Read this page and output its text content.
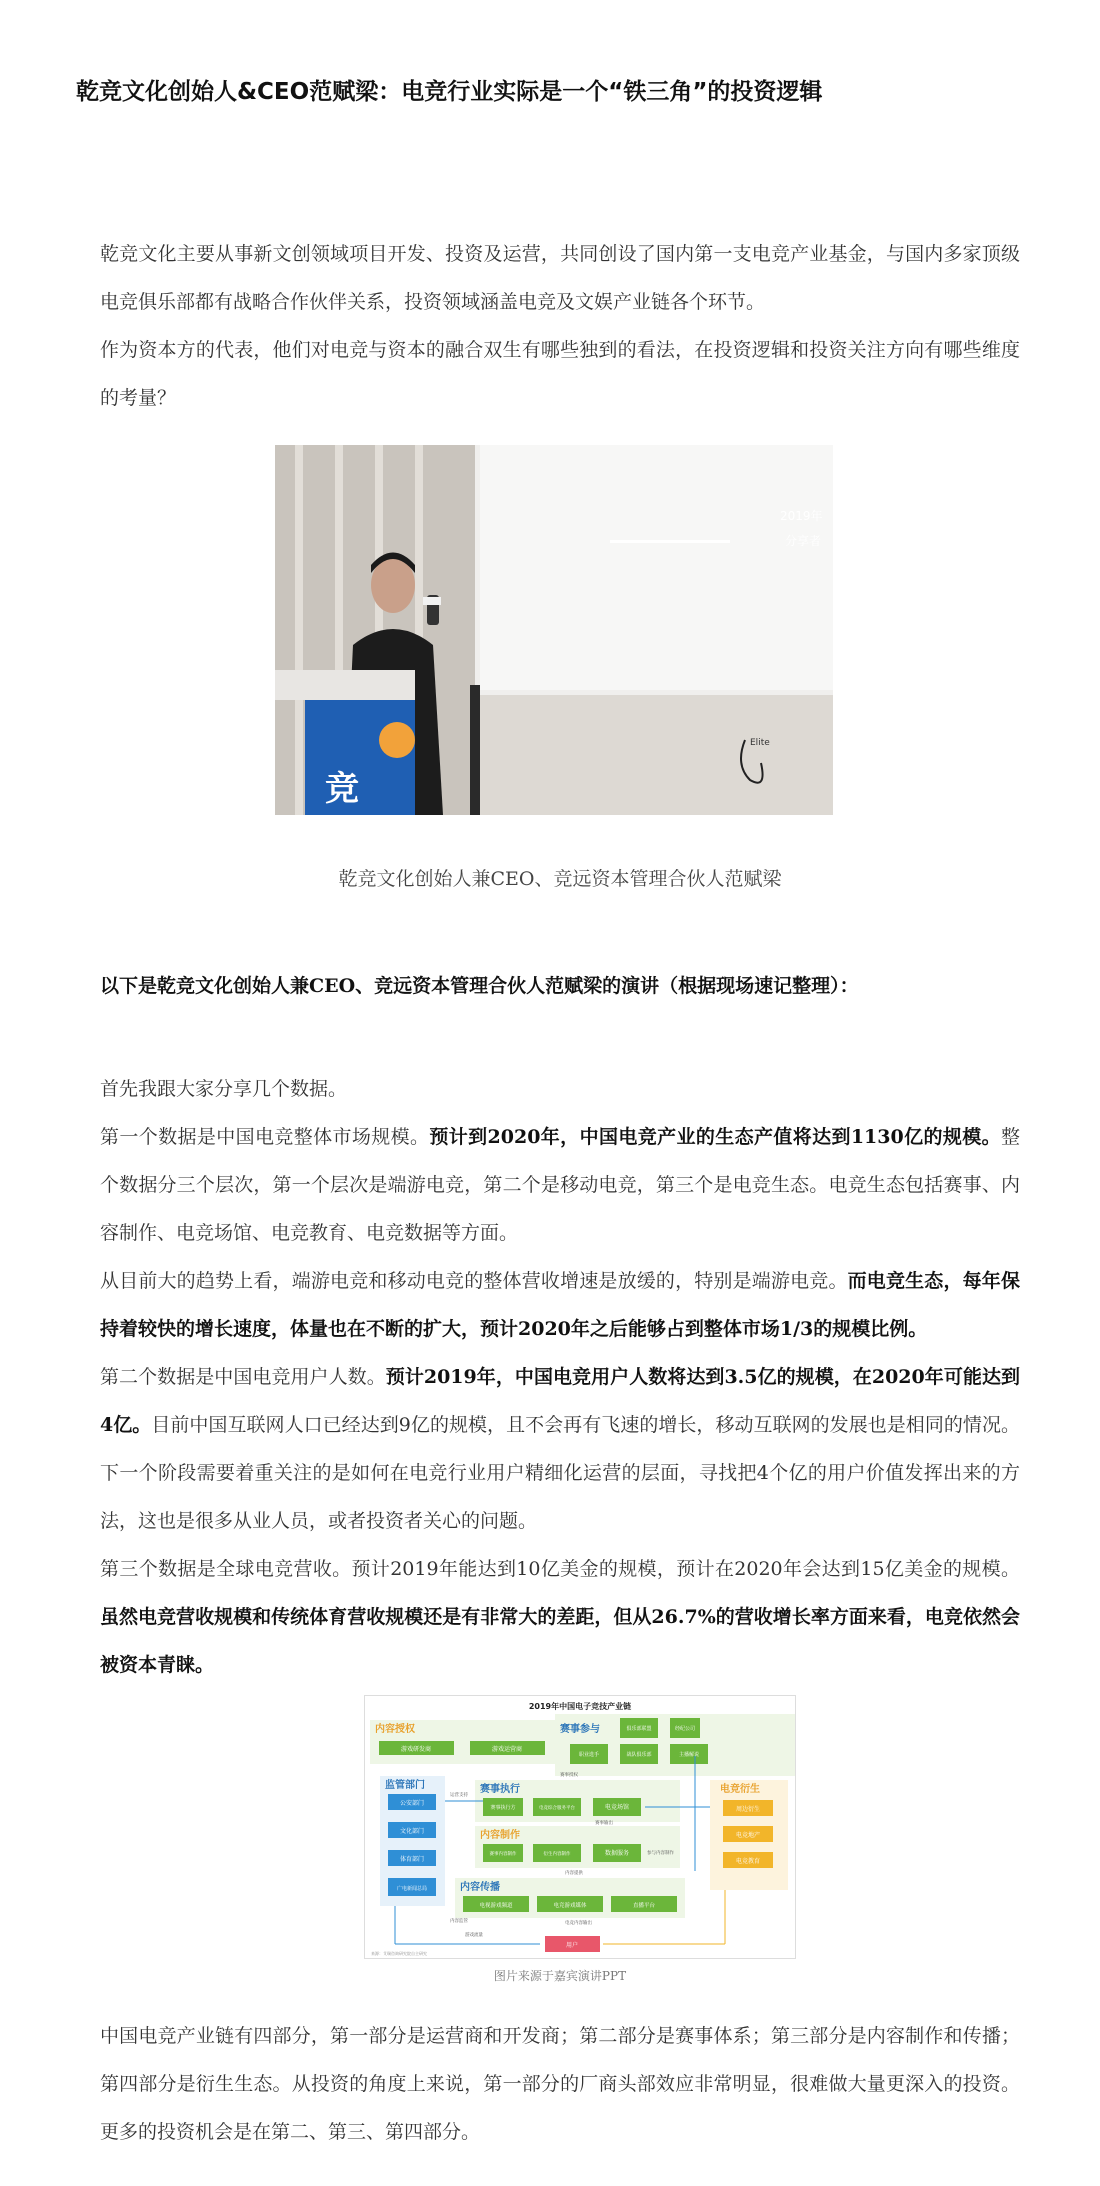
乾竞文化创始人&CEO范赋梁：电竞行业实际是一个“铁三角”的投资逻辑

乾竞文化主要从事新文创领域项目开发、投资及运营，共同创设了国内第一支电竞产业基金，与国内多家顶级电竞俱乐部都有战略合作伙伴关系，投资领域涵盖电竞及文娱产业链各个环节。

作为资本方的代表，他们对电竞与资本的融合双生有哪些独到的看法，在投资逻辑和投资关注方向有哪些维度的考量？

2019年
分享者
竞
Elite
乾竞文化创始人兼CEO、竞远资本管理合伙人范赋梁

以下是乾竞文化创始人兼CEO、竞远资本管理合伙人范赋梁的演讲（根据现场速记整理）：

首先我跟大家分享几个数据。

第一个数据是中国电竞整体市场规模。预计到2020年，中国电竞产业的生态产值将达到1130亿的规模。整个数据分三个层次，第一个层次是端游电竞，第二个是移动电竞，第三个是电竞生态。电竞生态包括赛事、内容制作、电竞场馆、电竞教育、电竞数据等方面。

从目前大的趋势上看，端游电竞和移动电竞的整体营收增速是放缓的，特别是端游电竞。而电竞生态，每年保持着较快的增长速度，体量也在不断的扩大，预计2020年之后能够占到整体市场1/3的规模比例。

第二个数据是中国电竞用户人数。预计2019年，中国电竞用户人数将达到3.5亿的规模，在2020年可能达到4亿。目前中国互联网人口已经达到9亿的规模，且不会再有飞速的增长，移动互联网的发展也是相同的情况。下一个阶段需要着重关注的是如何在电竞行业用户精细化运营的层面，寻找把4个亿的用户价值发挥出来的方法，这也是很多从业人员，或者投资者关心的问题。

第三个数据是全球电竞营收。预计2019年能达到10亿美金的规模，预计在2020年会达到15亿美金的规模。虽然电竞营收规模和传统体育营收规模还是有非常大的差距，但从26.7%的营收增长率方面来看，电竞依然会被资本青睐。

2019年中国电子竞技产业链
内容授权
游戏研发商	游戏运营商
赛事参与	俱乐部联盟	经纪公司
职业选手	战队俱乐部	主播解说
监管部门
公安部门
文化部门
体育部门
广电新闻总局
赛事执行
赛事执行方	电竞综合服务平台	电竞场馆
内容制作
赛事内容制作	衍生内容制作	数据服务
内容传播
电视游戏频道	电竞游戏媒体	直播平台
电竞衍生
周边衍生
电竞地产
电竞教育
运营支持
赛事授权
内容监管
游戏流量
电竞内容输出
赛事输出
内容提供
参与内容制作
用户
来源：艾瑞咨询研究院自主研究
图片来源于嘉宾演讲PPT

中国电竞产业链有四部分，第一部分是运营商和开发商；第二部分是赛事体系；第三部分是内容制作和传播；第四部分是衍生生态。从投资的角度上来说，第一部分的厂商头部效应非常明显，很难做大量更深入的投资。更多的投资机会是在第二、第三、第四部分。
